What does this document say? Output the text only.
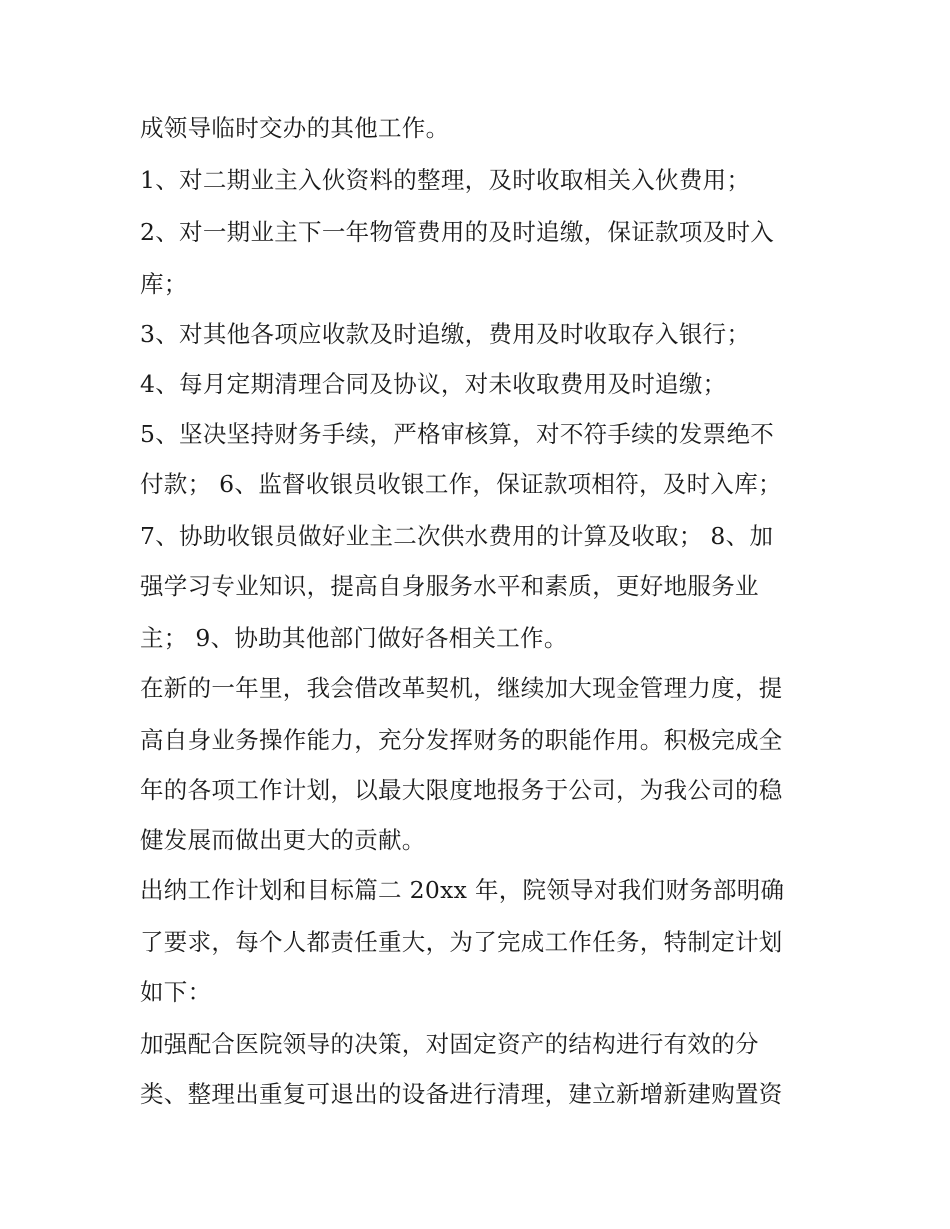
成领导临时交办的其他工作。
1、对二期业主入伙资料的整理，及时收取相关入伙费用；
2、对一期业主下一年物管费用的及时追缴，保证款项及时入
库；
3、对其他各项应收款及时追缴，费用及时收取存入银行；
4、每月定期清理合同及协议，对未收取费用及时追缴；
5、坚决坚持财务手续，严格审核算，对不符手续的发票绝不
付款； 6、监督收银员收银工作，保证款项相符，及时入库；
7、协助收银员做好业主二次供水费用的计算及收取； 8、加
强学习专业知识，提高自身服务水平和素质，更好地服务业
主； 9、协助其他部门做好各相关工作。
在新的一年里，我会借改革契机，继续加大现金管理力度，提
高自身业务操作能力，充分发挥财务的职能作用。积极完成全
年的各项工作计划，以最大限度地报务于公司，为我公司的稳
健发展而做出更大的贡献。
出纳工作计划和目标篇二 20xx 年，院领导对我们财务部明确
了要求，每个人都责任重大，为了完成工作任务，特制定计划
如下：
加强配合医院领导的决策，对固定资产的结构进行有效的分
类、整理出重复可退出的设备进行清理，建立新增新建购置资
